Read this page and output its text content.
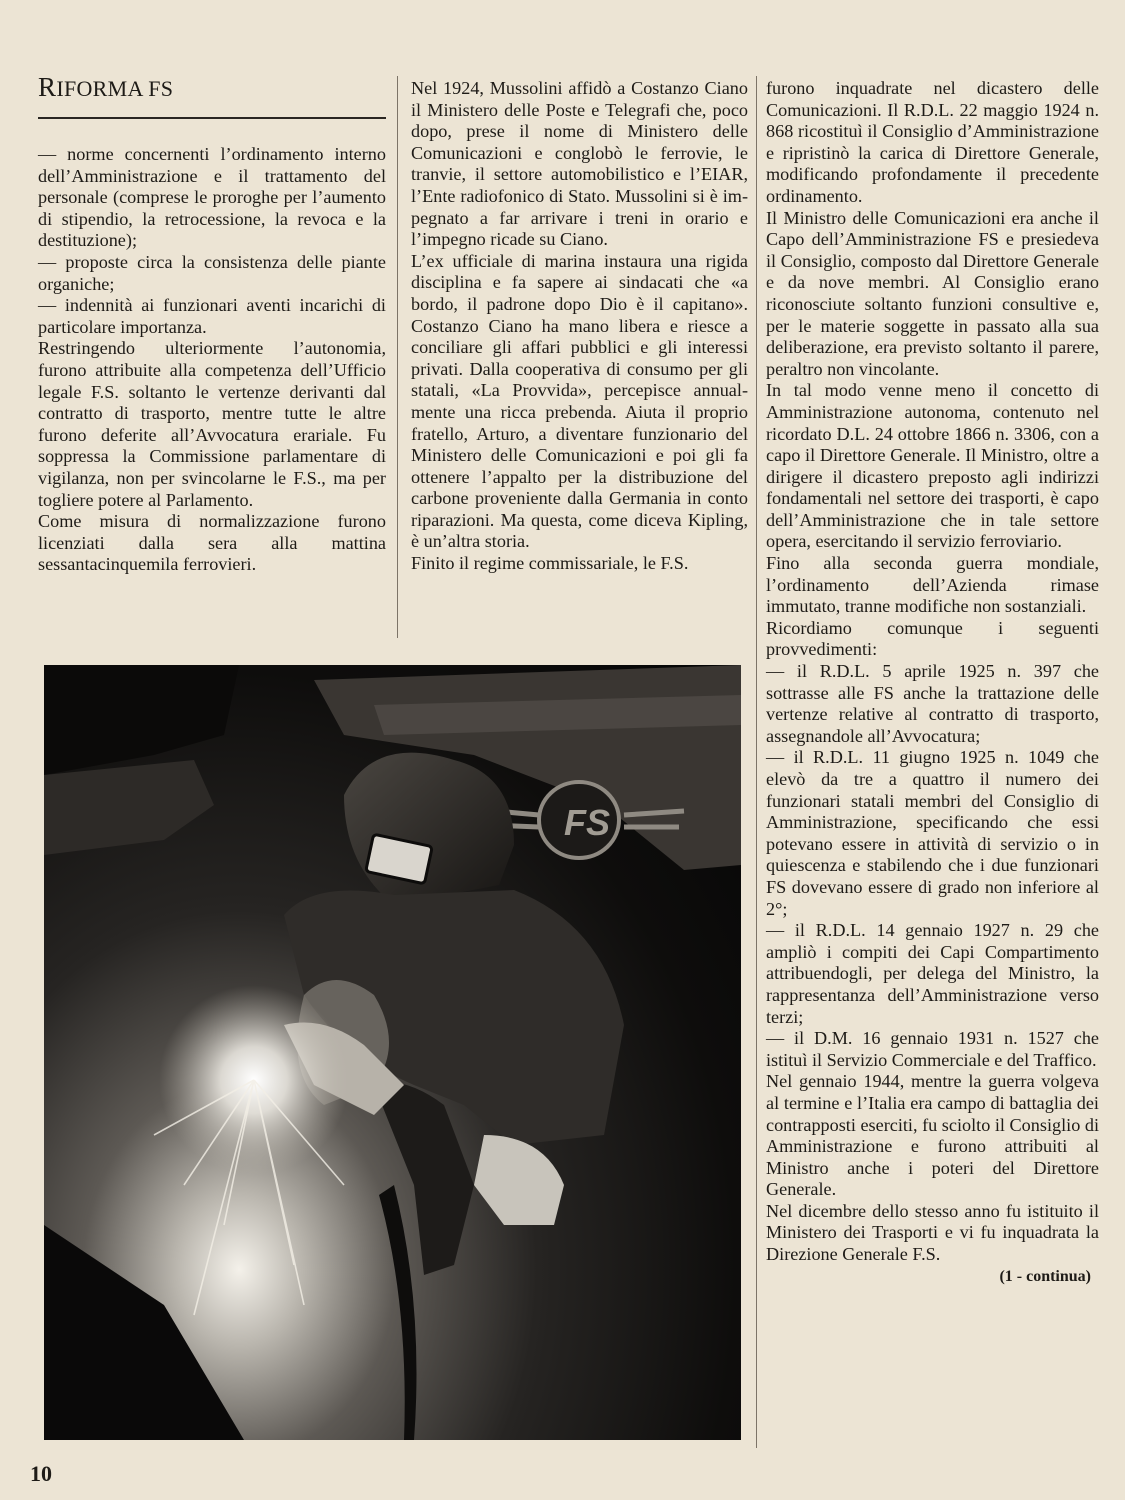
RIFORMA FS

— norme concernenti l’ordinamento interno dell’Amministrazione e il trattamento del personale (comprese le proroghe per l’aumento di stipendio, la retrocessione, la revoca e la destituzione);

— proposte circa la consistenza delle piante organiche;

— indennità ai funzionari aventi incarichi di particolare importanza.

Restringendo ulteriormente l’autonomia, furono attribuite alla competenza dell’Ufficio legale F.S. soltanto le vertenze derivanti dal contratto di trasporto, mentre tutte le altre furono deferite all’Avvocatura erariale. Fu soppressa la Commissione parlamentare di vigilanza, non per svincolarne le F.S., ma per togliere potere al Parlamento.

Come misura di normalizzazione furono licenziati dalla sera alla mattina sessantacinquemila ferrovieri.

Nel 1924, Mussolini affidò a Costanzo Ciano il Ministero delle Poste e Telegrafi che, poco dopo, prese il nome di Ministero delle Comunicazioni e conglobò le ferrovie, le tranvie, il settore automobilistico e l’EIAR, l’Ente radiofonico di Stato. Mussolini si è impegnato a far arrivare i treni in orario e l’impegno ricade su Ciano.

L’ex ufficiale di marina instaura una rigida disciplina e fa sapere ai sindacati che «a bordo, il padrone dopo Dio è il capitano». Costanzo Ciano ha mano libera e riesce a conciliare gli affari pubblici e gli interessi privati. Dalla cooperativa di consumo per gli statali, «La Provvida», percepisce annualmente una ricca prebenda. Aiuta il proprio fratello, Arturo, a diventare funzionario del Ministero delle Comunicazioni e poi gli fa ottenere l’appalto per la distribuzione del carbone proveniente dalla Germania in conto riparazioni. Ma questa, come diceva Kipling, è un’altra storia.

Finito il regime commissariale, le F.S.

furono inquadrate nel dicastero delle Comunicazioni. Il R.D.L. 22 maggio 1924 n. 868 ricostituì il Consiglio d’Amministrazione e ripristinò la carica di Direttore Generale, modificando profondamente il precedente ordinamento.

Il Ministro delle Comunicazioni era anche il Capo dell’Amministrazione FS e presiedeva il Consiglio, composto dal Direttore Generale e da nove membri. Al Consiglio erano riconosciute soltanto funzioni consultive e, per le materie soggette in passato alla sua deliberazione, era previsto soltanto il parere, peraltro non vincolante.

In tal modo venne meno il concetto di Amministrazione autonoma, contenuto nel ricordato D.L. 24 ottobre 1866 n. 3306, con a capo il Direttore Generale. Il Ministro, oltre a dirigere il dicastero preposto agli indirizzi fondamentali nel settore dei trasporti, è capo dell’Amministrazione che in tale settore opera, esercitando il servizio ferroviario.

Fino alla seconda guerra mondiale, l’ordinamento dell’Azienda rimase immutato, tranne modifiche non sostanziali.

Ricordiamo comunque i seguenti provvedimenti:

— il R.D.L. 5 aprile 1925 n. 397 che sottrasse alle FS anche la trattazione delle vertenze relative al contratto di trasporto, assegnandole all’Avvocatura;

— il R.D.L. 11 giugno 1925 n. 1049 che elevò da tre a quattro il numero dei funzionari statali membri del Consiglio di Amministrazione, specificando che essi potevano essere in attività di servizio o in quiescenza e stabilendo che i due funzionari FS dovevano essere di grado non inferiore al 2°;

— il R.D.L. 14 gennaio 1927 n. 29 che ampliò i compiti dei Capi Compartimento attribuendogli, per delega del Ministro, la rappresentanza dell’Amministrazione verso terzi;

— il D.M. 16 gennaio 1931 n. 1527 che istituì il Servizio Commerciale e del Traffico.

Nel gennaio 1944, mentre la guerra volgeva al termine e l’Italia era campo di battaglia dei contrapposti eserciti, fu sciolto il Consiglio di Amministrazione e furono attribuiti al Ministro anche i poteri del Direttore Generale.

Nel dicembre dello stesso anno fu istituito il Ministero dei Trasporti e vi fu inquadrata la Direzione Generale F.S.

(1 - continua)

FS
10
